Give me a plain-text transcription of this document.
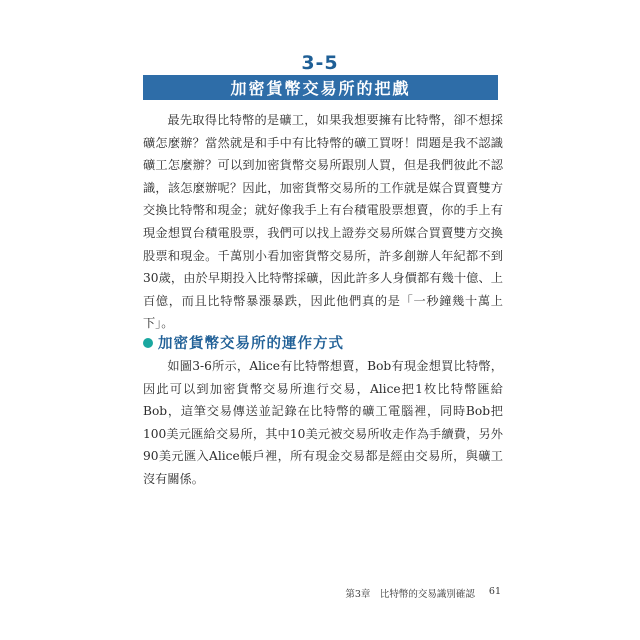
3-5
加密貨幣交易所的把戲

最先取得比特幣的是礦工，如果我想要擁有比特幣，卻不想採礦怎麼辦？當然就是和手中有比特幣的礦工買呀！問題是我不認識礦工怎麼辦？可以到加密貨幣交易所跟別人買，但是我們彼此不認識，該怎麼辦呢？因此，加密貨幣交易所的工作就是媒合買賣雙方交換比特幣和現金；就好像我手上有台積電股票想賣，你的手上有現金想買台積電股票，我們可以找上證券交易所媒合買賣雙方交換股票和現金。千萬別小看加密貨幣交易所，許多創辦人年紀都不到30歲，由於早期投入比特幣採礦，因此許多人身價都有幾十億、上百億，而且比特幣暴漲暴跌，因此他們真的是「一秒鐘幾十萬上下」。

加密貨幣交易所的運作方式

如圖3-6所示，Alice有比特幣想賣，Bob有現金想買比特幣，因此可以到加密貨幣交易所進行交易，Alice把1枚比特幣匯給Bob，這筆交易傳送並記錄在比特幣的礦工電腦裡，同時Bob把100美元匯給交易所，其中10美元被交易所收走作為手續費，另外90美元匯入Alice帳戶裡，所有現金交易都是經由交易所，與礦工沒有關係。

第3章　比特幣的交易識別確認 61
